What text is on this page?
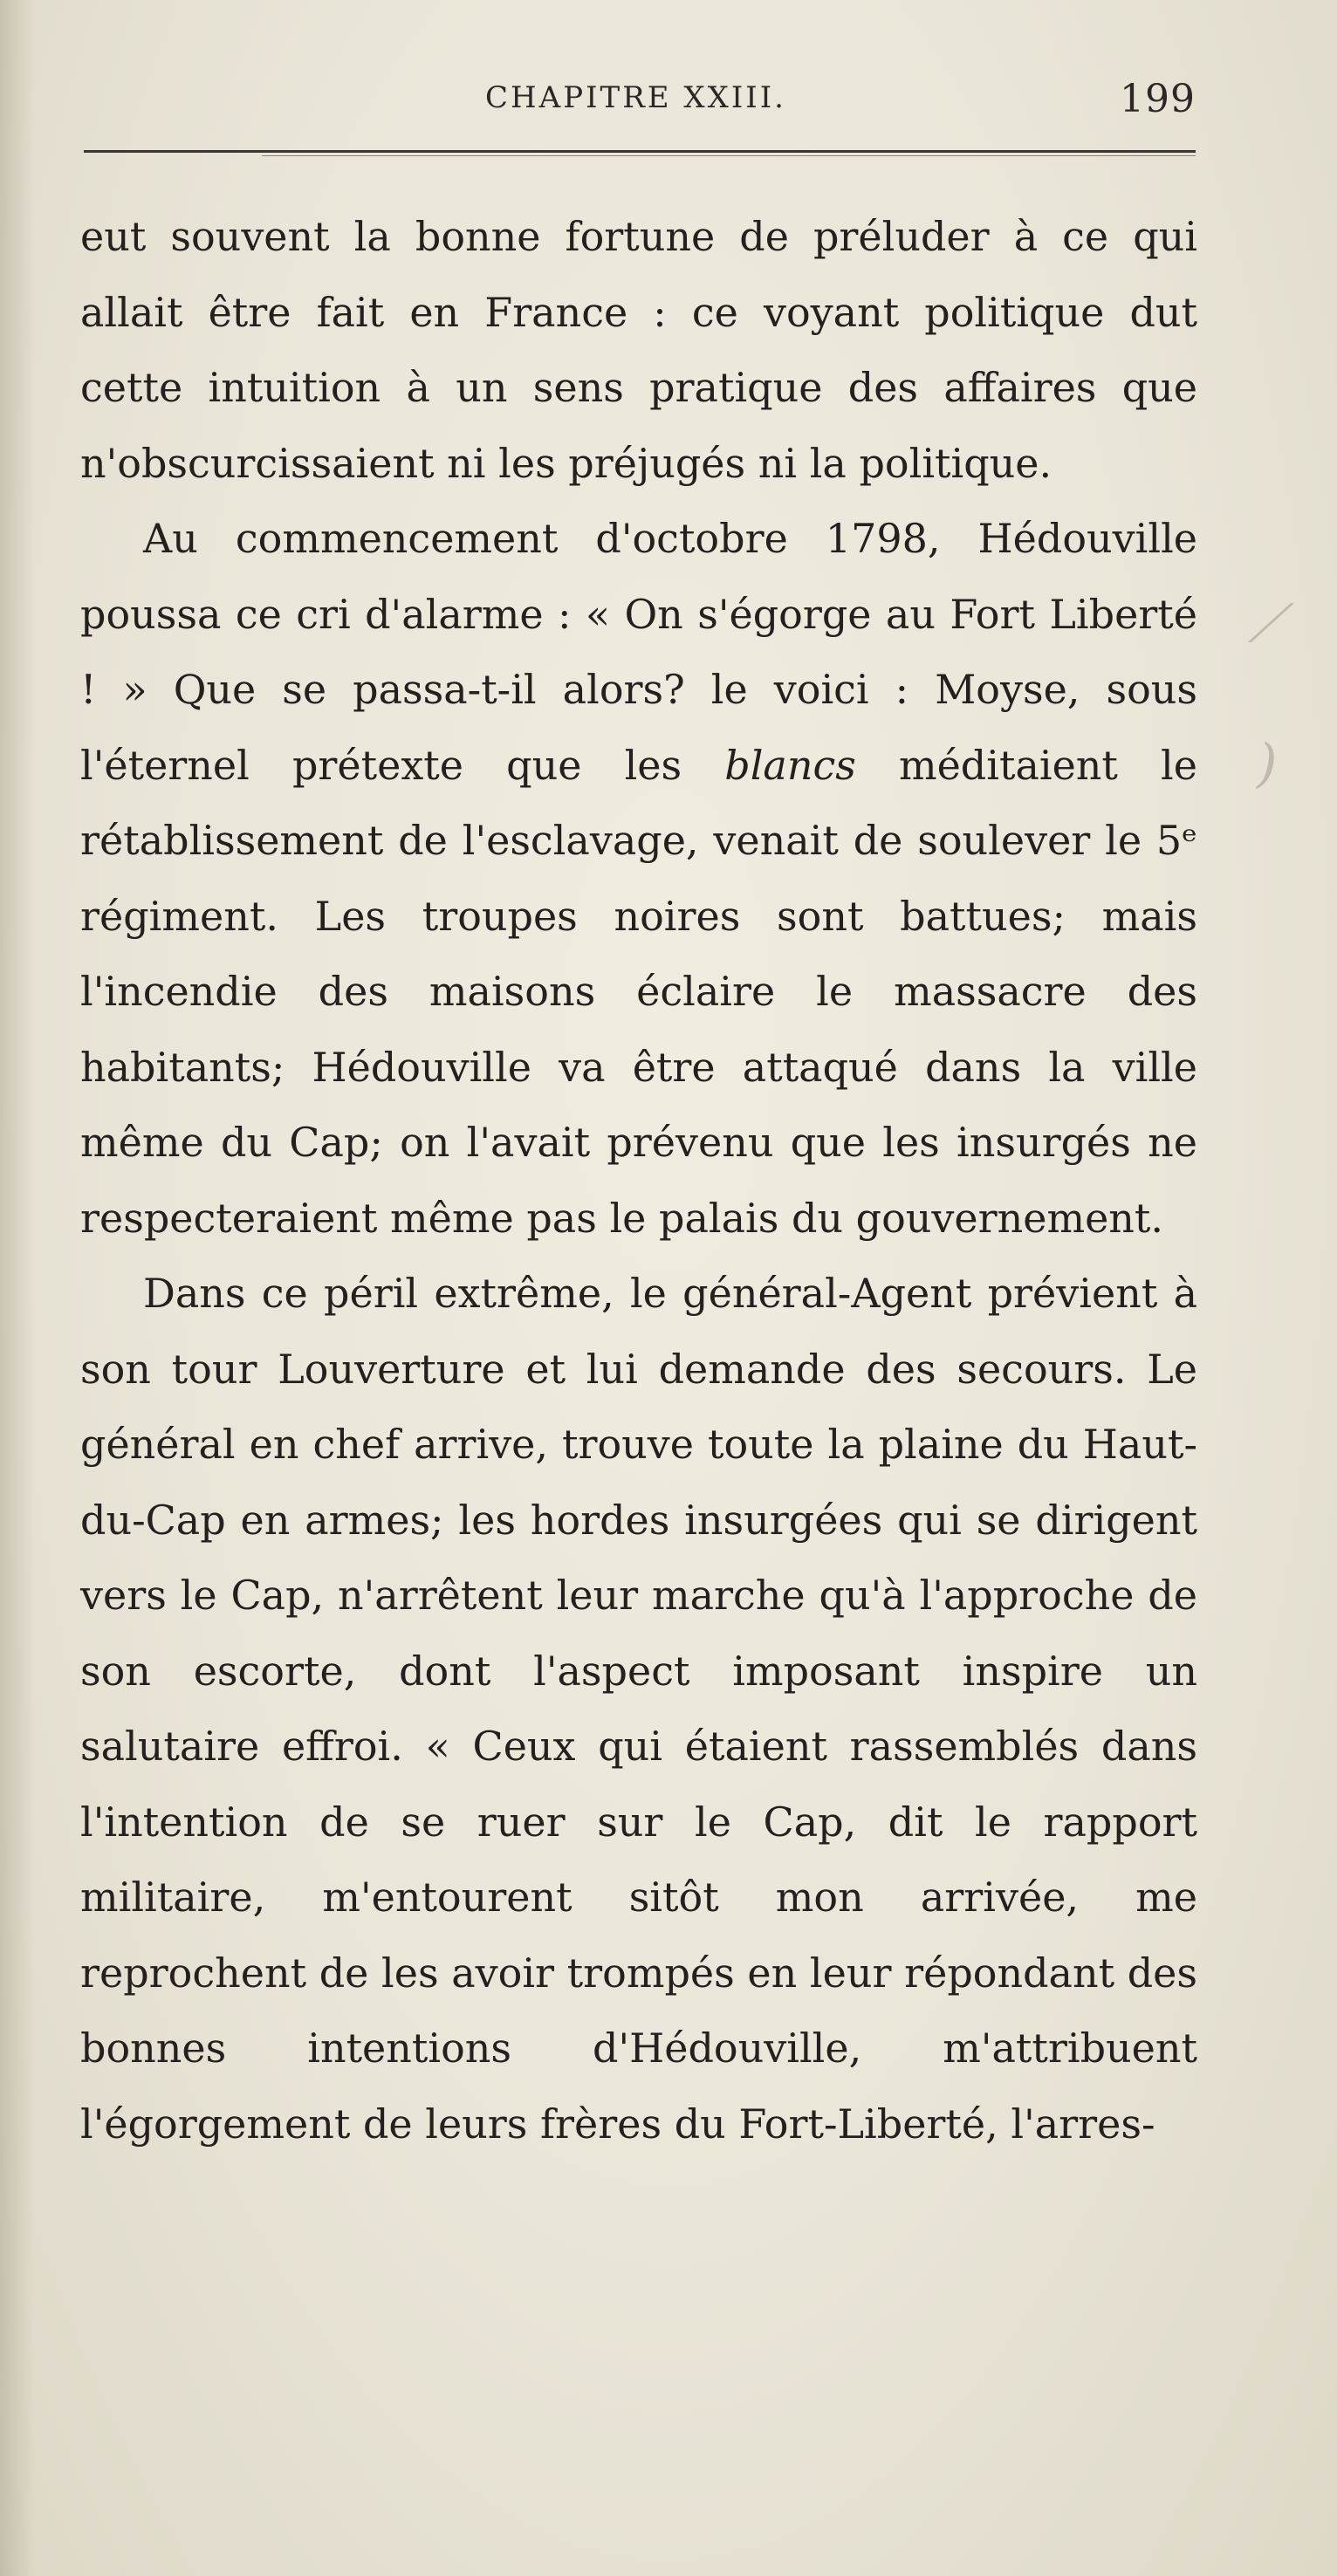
CHAPITRE XXIII.	199

eut souvent la bonne fortune de préluder à ce qui allait être fait en France : ce voyant politique dut cette intuition à un sens pratique des affaires que n'obscurcissaient ni les préjugés ni la politique.

Au commencement d'octobre 1798, Hédouville poussa ce cri d'alarme : « On s'égorge au Fort Liberté ! » Que se passa-t-il alors? le voici : Moyse, sous l'éternel prétexte que les blancs méditaient le rétablissement de l'esclavage, venait de soulever le 5ᵉ régiment. Les troupes noires sont battues; mais l'incendie des maisons éclaire le massacre des habitants; Hédouville va être attaqué dans la ville même du Cap; on l'avait prévenu que les insurgés ne respecteraient même pas le palais du gouvernement.

Dans ce péril extrême, le général-Agent prévient à son tour Louverture et lui demande des secours. Le général en chef arrive, trouve toute la plaine du Haut-du-Cap en armes; les hordes insurgées qui se dirigent vers le Cap, n'arrêtent leur marche qu'à l'approche de son escorte, dont l'aspect imposant inspire un salutaire effroi. « Ceux qui étaient rassemblés dans l'intention de se ruer sur le Cap, dit le rapport militaire, m'entourent sitôt mon arrivée, me reprochent de les avoir trompés en leur répondant des bonnes intentions d'Hédouville, m'attribuent l'égorgement de leurs frères du Fort-Liberté, l'arres-

⟋
)
